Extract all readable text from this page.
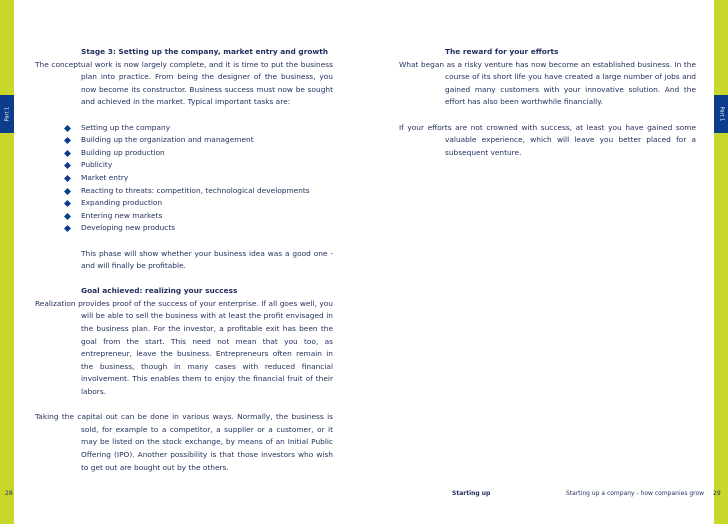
Part 1	Part 1

Stage 3: Setting up the company, market entry and growth

The conceptual work is now largely complete, and it is time to put the business plan into practice. From being the designer of the business, you now become its constructor. Business success must now be sought and achieved in the market. Typical important tasks are:

Setting up the company
Building up the organization and management
Building up production
Publicity
Market entry
Reacting to threats: competition, technological developments
Expanding production
Entering new markets
Developing new products

This phase will show whether your business idea was a good one - and will finally be profitable.

Goal achieved: realizing your success

Realization provides proof of the success of your enterprise. If all goes well, you will be able to sell the business with at least the profit envisaged in the business plan. For the investor, a profitable exit has been the goal from the start. This need not mean that you too, as entrepreneur, leave the business. Entrepreneurs often remain in the business, though in many cases with reduced financial involvement. This enables them to enjoy the financial fruit of their labors.

Taking the capital out can be done in various ways. Normally, the business is sold, for example to a competitor, a supplier or a customer, or it may be listed on the stock exchange, by means of an Initial Public Offering (IPO). Another possibility is that those investors who wish to get out are bought out by the others.

The reward for your efforts

What began as a risky venture has now become an established business. In the course of its short life you have created a large number of jobs and gained many customers with your innovative solution. And the effort has also been worthwhile financially.

If your efforts are not crowned with success, at least you have gained some valuable experience, which will leave you better placed for a subsequent venture.

28	Starting up	Starting up a company - how companies grow 29
